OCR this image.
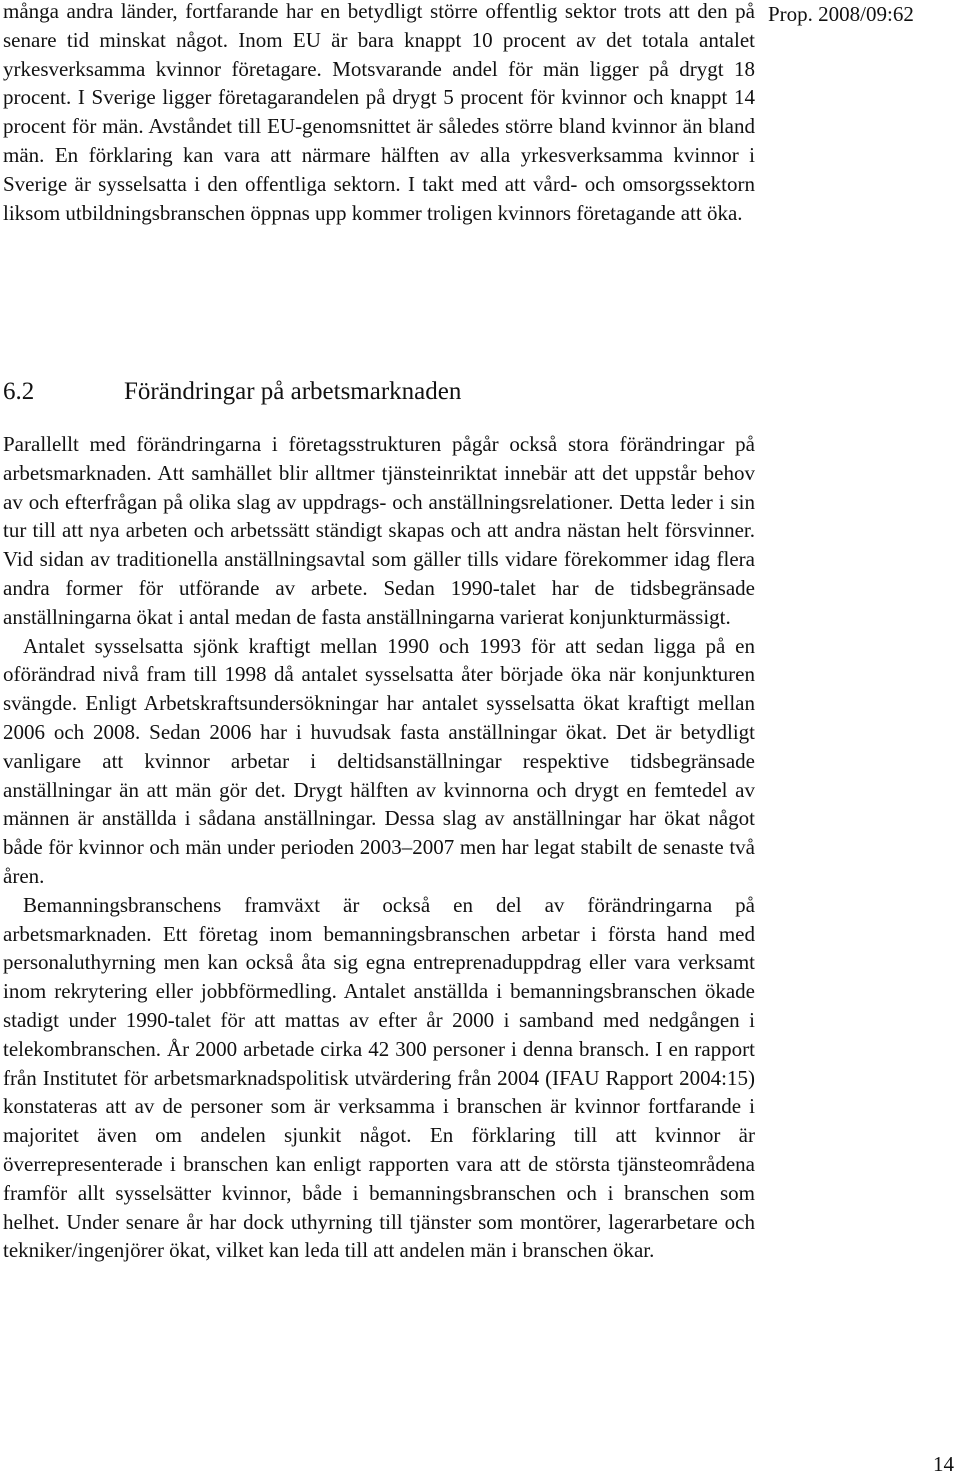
många andra länder, fortfarande har en betydligt större offentlig sektor trots att den på senare tid minskat något. Inom EU är bara knappt 10 procent av det totala antalet yrkesverksamma kvinnor företagare. Motsvarande andel för män ligger på drygt 18 procent. I Sverige ligger företagarandelen på drygt 5 procent för kvinnor och knappt 14 procent för män. Avståndet till EU-genomsnittet är således större bland kvinnor än bland män. En förklaring kan vara att närmare hälften av alla yrkesverksamma kvinnor i Sverige är sysselsatta i den offentliga sektorn. I takt med att vård- och omsorgssektorn liksom utbildningsbranschen öppnas upp kommer troligen kvinnors företagande att öka.

Prop. 2008/09:62
6.2	Förändringar på arbetsmarknaden

Parallellt med förändringarna i företagsstrukturen pågår också stora förändringar på arbetsmarknaden. Att samhället blir alltmer tjänsteinriktat innebär att det uppstår behov av och efterfrågan på olika slag av uppdrags- och anställningsrelationer. Detta leder i sin tur till att nya arbeten och arbetssätt ständigt skapas och att andra nästan helt försvinner. Vid sidan av traditionella anställningsavtal som gäller tills vidare förekommer idag flera andra former för utförande av arbete. Sedan 1990-talet har de tidsbegränsade anställningarna ökat i antal medan de fasta anställningarna varierat konjunkturmässigt.

Antalet sysselsatta sjönk kraftigt mellan 1990 och 1993 för att sedan ligga på en oförändrad nivå fram till 1998 då antalet sysselsatta åter började öka när konjunkturen svängde. Enligt Arbetskraftsundersökningar har antalet sysselsatta ökat kraftigt mellan 2006 och 2008. Sedan 2006 har i huvudsak fasta anställningar ökat. Det är betydligt vanligare att kvinnor arbetar i deltidsanställningar respektive tidsbegränsade anställningar än att män gör det. Drygt hälften av kvinnorna och drygt en femtedel av männen är anställda i sådana anställningar. Dessa slag av anställningar har ökat något både för kvinnor och män under perioden 2003–2007 men har legat stabilt de senaste två åren.

Bemanningsbranschens framväxt är också en del av förändringarna på arbetsmarknaden. Ett företag inom bemanningsbranschen arbetar i första hand med personaluthyrning men kan också åta sig egna entreprenaduppdrag eller vara verksamt inom rekrytering eller jobbförmedling. Antalet anställda i bemanningsbranschen ökade stadigt under 1990-talet för att mattas av efter år 2000 i samband med nedgången i telekombranschen. År 2000 arbetade cirka 42 300 personer i denna bransch. I en rapport från Institutet för arbetsmarknadspolitisk utvärdering från 2004 (IFAU Rapport 2004:15) konstateras att av de personer som är verksamma i branschen är kvinnor fortfarande i majoritet även om andelen sjunkit något. En förklaring till att kvinnor är överrepresenterade i branschen kan enligt rapporten vara att de största tjänsteområdena framför allt sysselsätter kvinnor, både i bemanningsbranschen och i branschen som helhet. Under senare år har dock uthyrning till tjänster som montörer, lagerarbetare och tekniker/ingenjörer ökat, vilket kan leda till att andelen män i branschen ökar.

14
